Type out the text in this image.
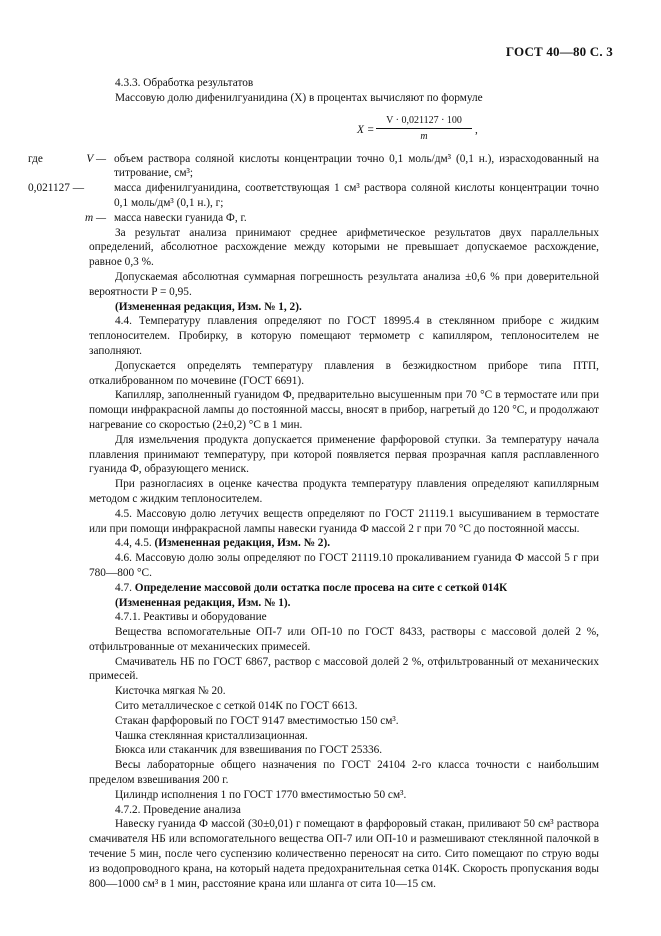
ГОСТ 40—80 С. 3

4.3.3. Обработка результатов

Массовую долю дифенилгуанидина (X) в процентах вычисляют по формуле

$X = \frac{V \cdot 0,021127 \cdot 100}{m}$ ,
где	V — объем раствора соляной кислоты концентрации точно 0,1 моль/дм³ (0,1 н.), израсходованный на титрование, см³;
0,021127 —	масса дифенилгуанидина, соответствующая 1 см³ раствора соляной кислоты концентрации точно 0,1 моль/дм³ (0,1 н.), г;
m — масса навески гуанида Ф, г.

За результат анализа принимают среднее арифметическое результатов двух параллельных определений, абсолютное расхождение между которыми не превышает допускаемое расхождение, равное 0,3 %.

Допускаемая абсолютная суммарная погрешность результата анализа ±0,6 % при доверительной вероятности P = 0,95.

(Измененная редакция, Изм. № 1, 2).

4.4. Температуру плавления определяют по ГОСТ 18995.4 в стеклянном приборе с жидким теплоносителем. Пробирку, в которую помещают термометр с капилляром, теплоносителем не заполняют.

Допускается определять температуру плавления в безжидкостном приборе типа ПТП, откалиброванном по мочевине (ГОСТ 6691).

Капилляр, заполненный гуанидом Ф, предварительно высушенным при 70 °С в термостате или при помощи инфракрасной лампы до постоянной массы, вносят в прибор, нагретый до 120 °С, и продолжают нагревание со скоростью (2±0,2) °С в 1 мин.

Для измельчения продукта допускается применение фарфоровой ступки. За температуру начала плавления принимают температуру, при которой появляется первая прозрачная капля расплавленного гуанида Ф, образующего мениск.

При разногласиях в оценке качества продукта температуру плавления определяют капиллярным методом с жидким теплоносителем.

4.5. Массовую долю летучих веществ определяют по ГОСТ 21119.1 высушиванием в термостате или при помощи инфракрасной лампы навески гуанида Ф массой 2 г при 70 °С до постоянной массы.

4.4, 4.5. (Измененная редакция, Изм. № 2).

4.6. Массовую долю золы определяют по ГОСТ 21119.10 прокаливанием гуанида Ф массой 5 г при 780—800 °С.

4.7. Определение массовой доли остатка после просева на сите с сеткой 014К

(Измененная редакция, Изм. № 1).

4.7.1. Реактивы и оборудование

Вещества вспомогательные ОП-7 или ОП-10 по ГОСТ 8433, растворы с массовой долей 2 %, отфильтрованные от механических примесей.

Смачиватель НБ по ГОСТ 6867, раствор с массовой долей 2 %, отфильтрованный от механических примесей.

Кисточка мягкая № 20.

Сито металлическое с сеткой 014К по ГОСТ 6613.

Стакан фарфоровый по ГОСТ 9147 вместимостью 150 см³.

Чашка стеклянная кристаллизационная.

Бюкса или стаканчик для взвешивания по ГОСТ 25336.

Весы лабораторные общего назначения по ГОСТ 24104 2-го класса точности с наибольшим пределом взвешивания 200 г.

Цилиндр исполнения 1 по ГОСТ 1770 вместимостью 50 см³.

4.7.2. Проведение анализа

Навеску гуанида Ф массой (30±0,01) г помещают в фарфоровый стакан, приливают 50 см³ раствора смачивателя НБ или вспомогательного вещества ОП-7 или ОП-10 и размешивают стеклянной палочкой в течение 5 мин, после чего суспензию количественно переносят на сито. Сито помещают по струю воды из водопроводного крана, на который надета предохранительная сетка 014К. Скорость пропускания воды 800—1000 см³ в 1 мин, расстояние крана или шланга от сита 10—15 см.
